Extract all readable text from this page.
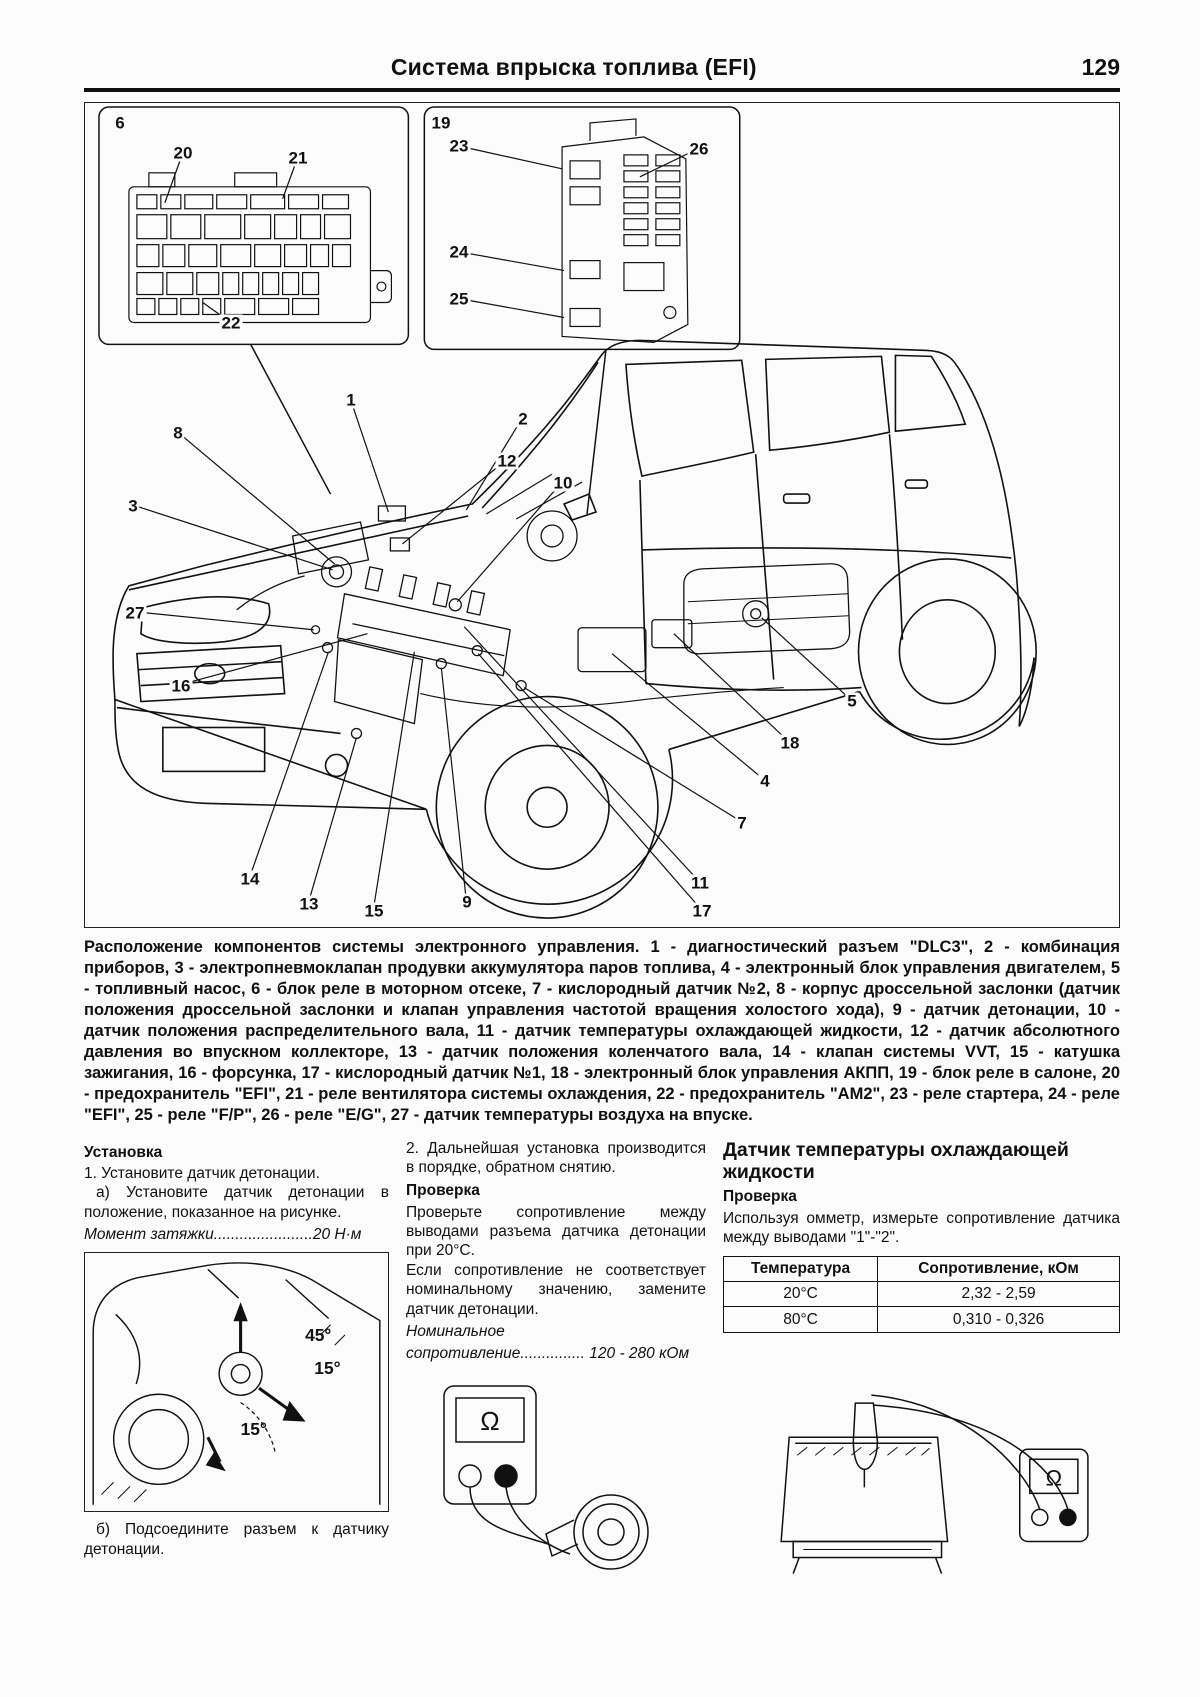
Система впрыска топлива (EFI)	129
6
20	21
22
19
23	26
24
25
1
2
8
12
10
3
27
16
5
18
4
7
14
13	15	9
11
17

Расположение компонентов системы электронного управления. 1 - диагностический разъем "DLC3", 2 - комбинация приборов, 3 - электропневмоклапан продувки аккумулятора паров топлива, 4 - электронный блок управления двигателем, 5 - топливный насос, 6 - блок реле в моторном отсеке, 7 - кислородный датчик №2, 8 - корпус дроссельной заслонки (датчик положения дроссельной заслонки и клапан управления частотой вращения холостого хода), 9 - датчик детонации, 10 - датчик положения распределительного вала, 11 - датчик температуры охлаждающей жидкости, 12 - датчик абсолютного давления во впускном коллекторе, 13 - датчик положения коленчатого вала, 14 - клапан системы VVT, 15 - катушка зажигания, 16 - форсунка, 17 - кислородный датчик №1, 18 - электронный блок управления АКПП, 19 - блок реле в салоне, 20 - предохранитель "EFI", 21 - реле вентилятора системы охлаждения, 22 - предохранитель "AM2", 23 - реле стартера, 24 - реле "EFI", 25 - реле "F/P", 26 - реле "E/G", 27 - датчик температуры воздуха на впуске.

Установка
1. Установите датчик детонации.
а) Установите датчик детонации в положение, показанное на рисунке.
Момент затяжки.......................20 Н·м
45°
15°
15°
б) Подсоедините разъем к датчику детонации.
2. Дальнейшая установка производится в порядке, обратном снятию.
Проверка
Проверьте сопротивление между выводами разъема датчика детонации при 20°C.
Если сопротивление не соответствует номинальному значению, замените датчик детонации.
Номинальное
сопротивление............... 120 - 280 кОм
Ω
Датчик температуры охлаждающей жидкости
Проверка
Используя омметр, измерьте сопротивление датчика между выводами "1"-"2".
Температура	Сопротивление, кОм
20°C	2,32 - 2,59
80°C	0,310 - 0,326
Ω
